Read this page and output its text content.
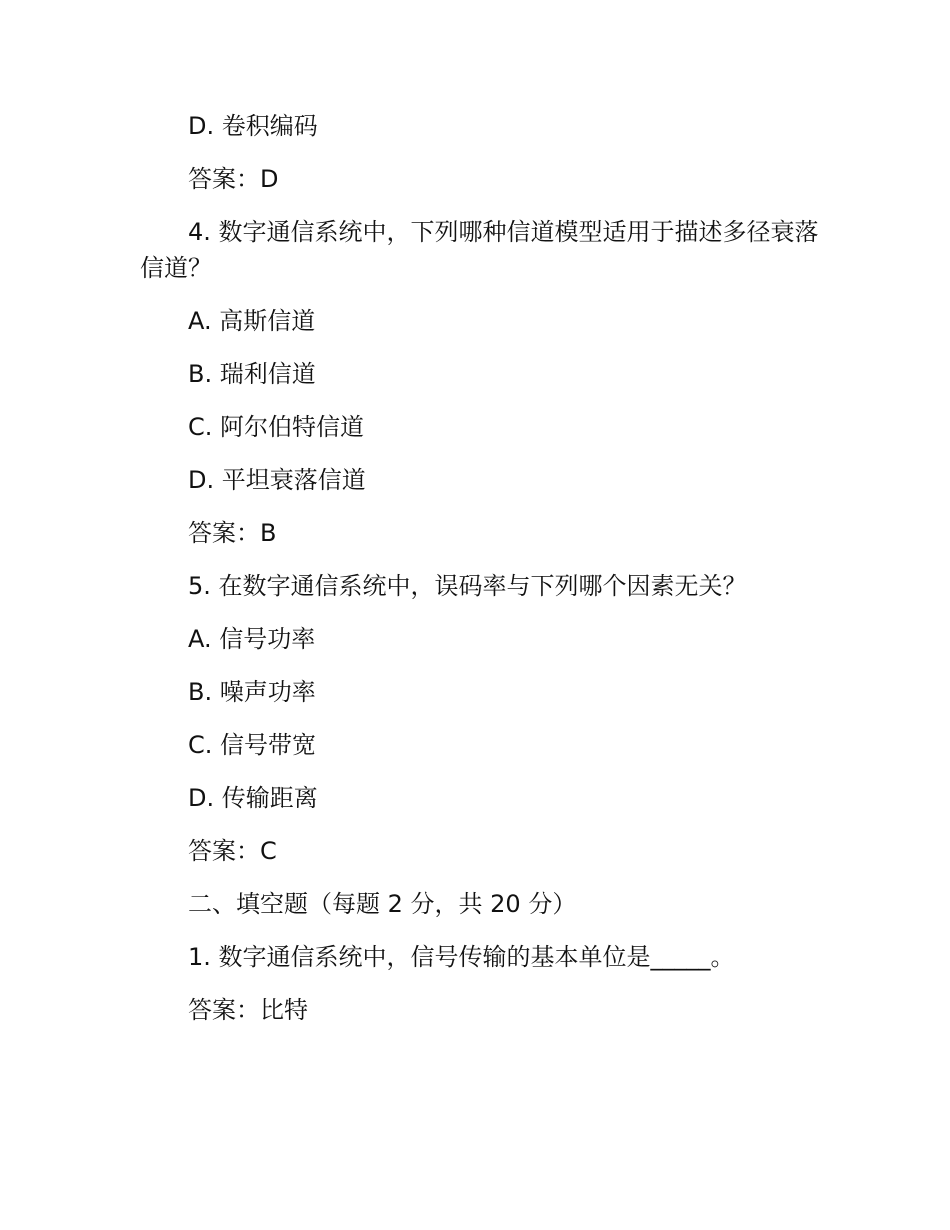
D. 卷积编码

答案：D

4. 数字通信系统中，下列哪种信道模型适用于描述多径衰落信道？

A. 高斯信道

B. 瑞利信道

C. 阿尔伯特信道

D. 平坦衰落信道

答案：B

5. 在数字通信系统中，误码率与下列哪个因素无关？

A. 信号功率

B. 噪声功率

C. 信号带宽

D. 传输距离

答案：C

二、填空题（每题 2 分，共 20 分）

1. 数字通信系统中，信号传输的基本单位是_____。

答案：比特
